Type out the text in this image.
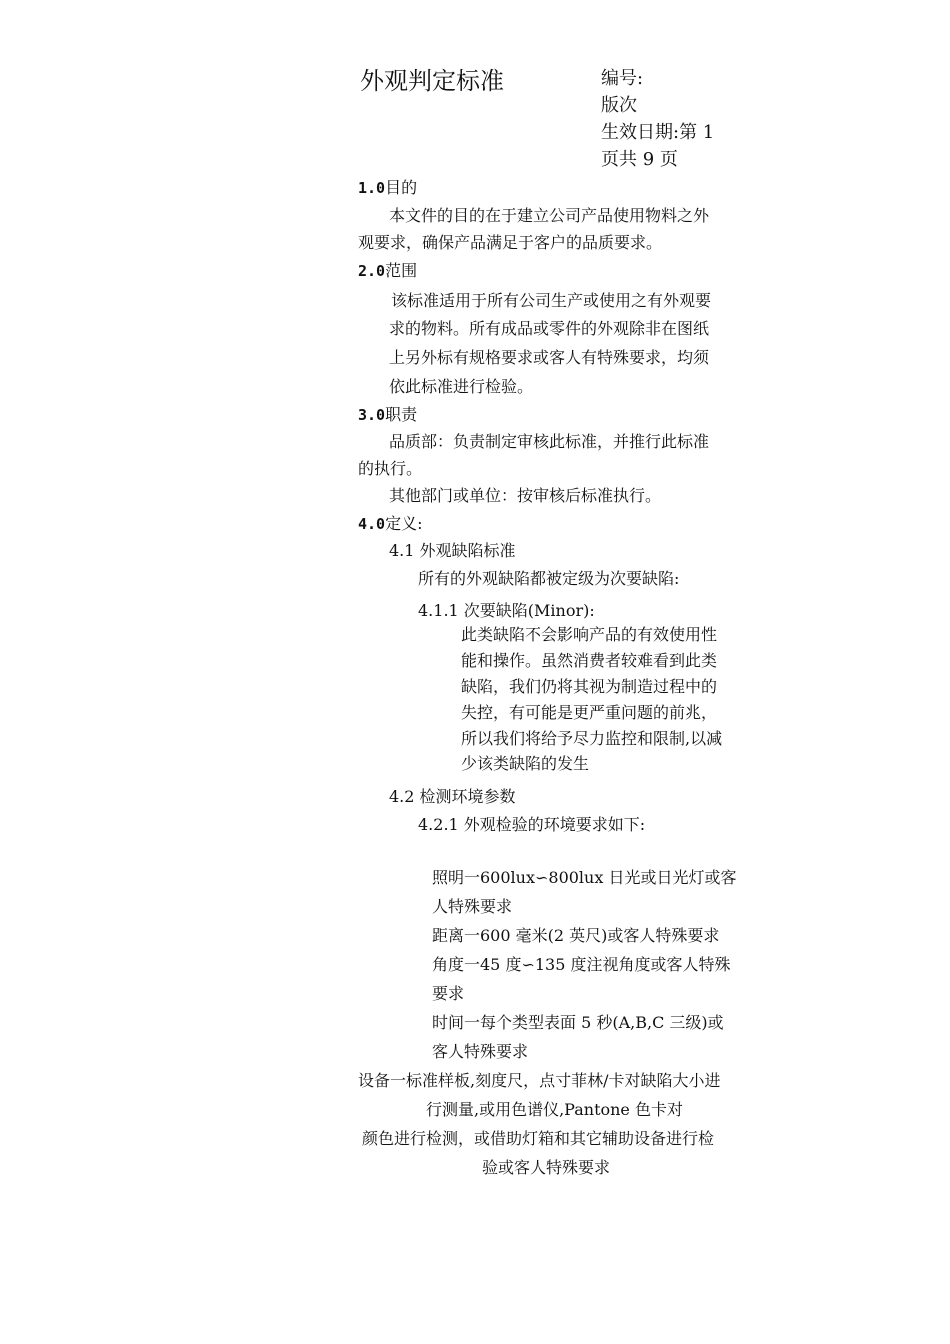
外观判定标准	编号:
版次
生效日期:第 1
页共 9 页
1.0目的
本文件的目的在于建立公司产品使用物料之外
观要求，确保产品满足于客户的品质要求。
2.0范围
该标准适用于所有公司生产或使用之有外观要
求的物料。所有成品或零件的外观除非在图纸
上另外标有规格要求或客人有特殊要求，均须
依此标准进行检验。
3.0职责
品质部：负责制定审核此标准，并推行此标准
的执行。
其他部门或单位：按审核后标准执行。
4.0定义:
4.1 外观缺陷标准
所有的外观缺陷都被定级为次要缺陷:
4.1.1 次要缺陷(Minor):
此类缺陷不会影响产品的有效使用性
能和操作。虽然消费者较难看到此类
缺陷，我们仍将其视为制造过程中的
失控，有可能是更严重问题的前兆，
所以我们将给予尽力监控和限制,以减
少该类缺陷的发生
4.2 检测环境参数
4.2.1 外观检验的环境要求如下:
照明一600lux∽800lux 日光或日光灯或客
人特殊要求
距离一600 毫米(2 英尺)或客人特殊要求
角度一45 度∽135 度注视角度或客人特殊
要求
时间一每个类型表面 5 秒(A,B,C 三级)或
客人特殊要求
设备一标准样板,刻度尺，点寸菲林/卡对缺陷大小进
行测量,或用色谱仪,Pantone 色卡对
颜色进行检测，或借助灯箱和其它辅助设备进行检
验或客人特殊要求
